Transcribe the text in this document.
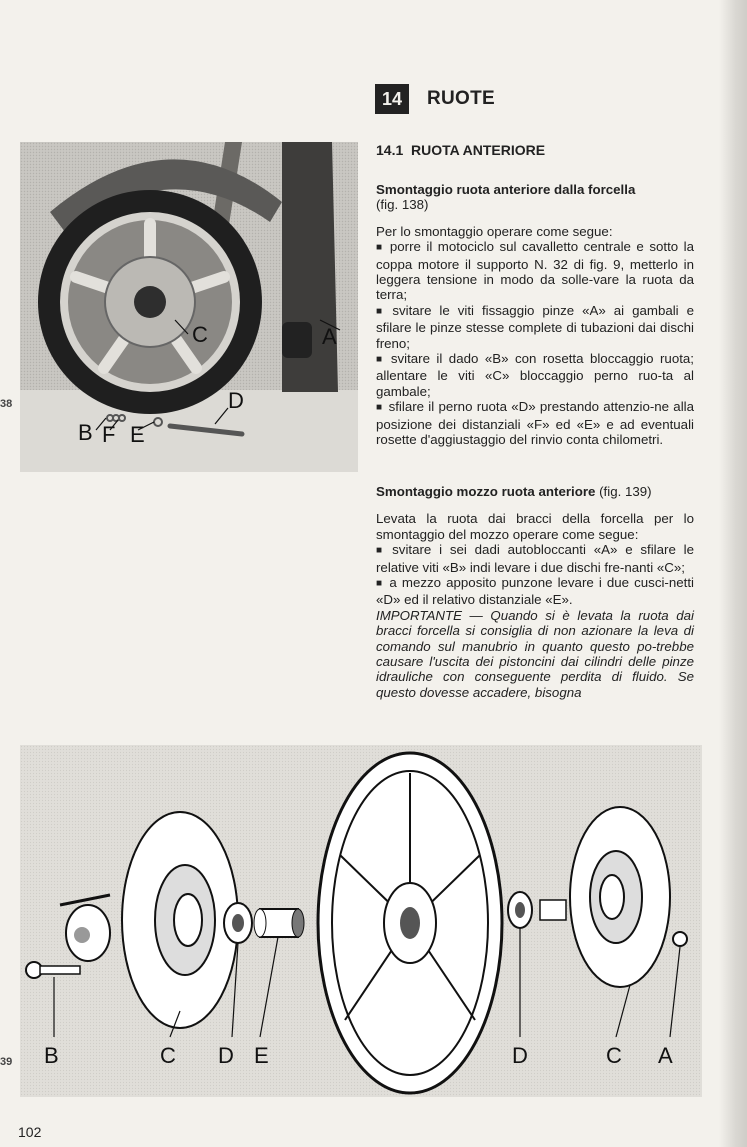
14	RUOTE
14.1  RUOTA ANTERIORE

Smontaggio ruota anteriore dalla forcella

(fig. 138)

Per lo smontaggio operare come segue:

■ porre il motociclo sul cavalletto centrale e sotto la coppa motore il supporto N. 32 di fig. 9, metterlo in leggera tensione in modo da solle-vare la ruota da terra;

■ svitare le viti fissaggio pinze «A» ai gambali e sfilare le pinze stesse complete di tubazioni dai dischi freno;

■ svitare il dado «B» con rosetta bloccaggio ruota; allentare le viti «C» bloccaggio perno ruo-ta al gambale;

■ sfilare il perno ruota «D» prestando attenzio-ne alla posizione dei distanziali «F» ed «E» e ad eventuali rosette d'aggiustaggio del rinvio conta chilometri.

Smontaggio mozzo ruota anteriore (fig. 139)

Levata la ruota dai bracci della forcella per lo smontaggio del mozzo operare come segue:

■ svitare i sei dadi autobloccanti «A» e sfilare le relative viti «B» indi levare i due dischi fre-nanti «C»;

■ a mezzo apposito punzone levare i due cusci-netti «D» ed il relativo distanziale «E».

IMPORTANTE — Quando si è levata la ruota dai bracci forcella si consiglia di non azionare la leva di comando sul manubrio in quanto questo po-trebbe causare l'uscita dei pistoncini dai cilindri delle pinze idrauliche con conseguente perdita di fluido. Se questo dovesse accadere, bisogna

A
B
C
D
E
F
38
B	C D E	D	C A
39
102
